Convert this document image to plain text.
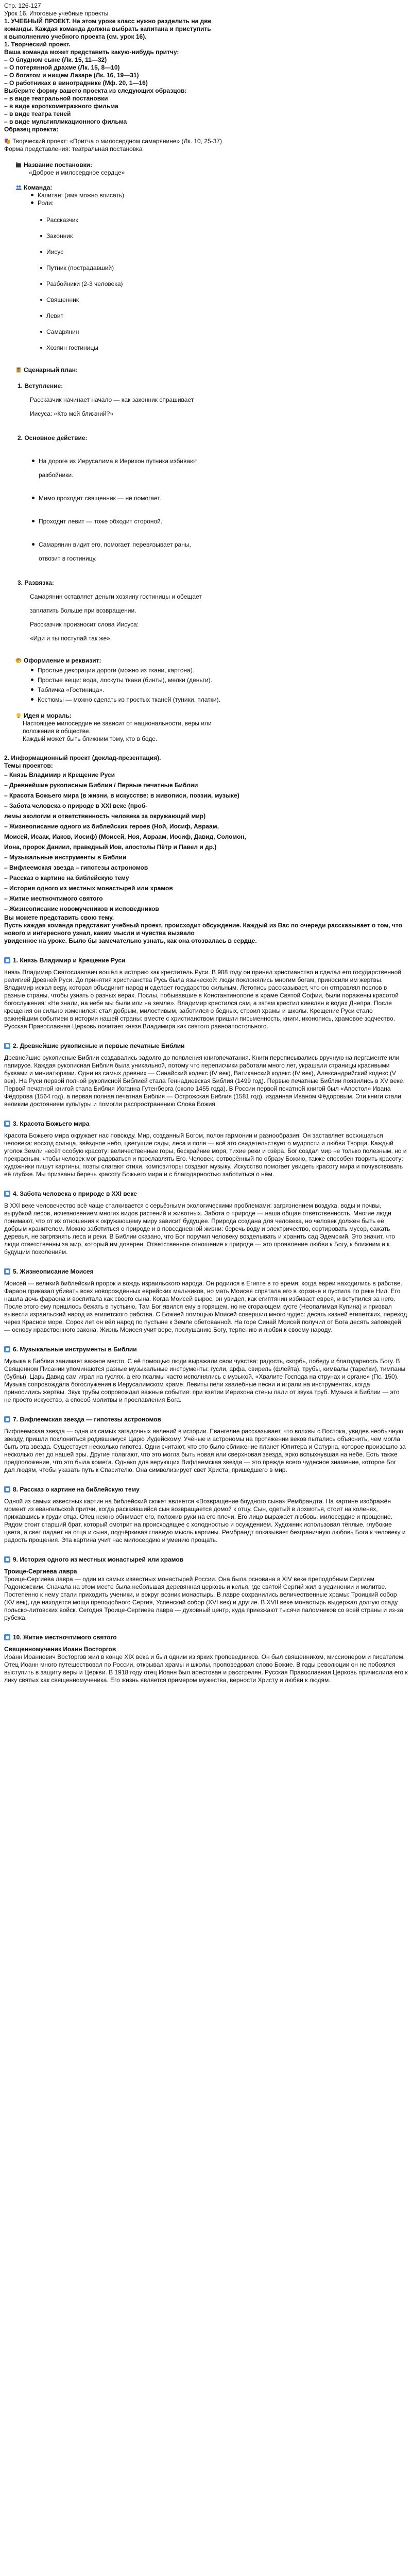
Стр. 126-127

Урок 16. Итоговые учебные проекты

1. УЧЕБНЫЙ ПРОЕКТ. На этом уроке класс нужно разделить на две

команды. Каждая команда должна выбрать капитана и приступить

к выполнению учебного проекта (см. урок 16).

1. Творческий проект.

Ваша команда может представить какую-нибудь притчу:

– О блудном сыне (Лк. 15, 11—32)

– О потерянной драхме (Лк. 15, 8—10)

– О богатом и нищем Лазаре (Лк. 16, 19—31)

– О работниках в винограднике (Мф. 20, 1—16)

Выберите форму вашего проекта из следующих образцов:

– в виде театральной постановки

– в виде короткометражного фильма

– в виде театра теней

– в виде мультипликационного фильма

Образец проекта:

Творческий проект: «Притча о милосердном самарянине» (Лк. 10, 25-37)

Форма представления: театральная постановка

Название постановки:

«Доброе и милосердное сердце»

Команда:

Капитан: (имя можно вписать)

Роли:

Рассказчик

Законник

Иисус

Путник (пострадавший)

Разбойники (2-3 человека)

Священник

Левит

Самарянин

Хозяин гостиницы

Сценарный план:

1. Вступление:

Рассказчик начинает начало — как законник спрашивает

Иисуса: «Кто мой ближний?»

2. Основное действие:

На дороге из Иерусалима в Иерихон путника избивают

разбойники.

Мимо проходит священник — не помогает.

Проходит левит — тоже обходит стороной.

Самарянин видит его, помогает, перевязывает раны,

отвозит в гостиницу.

3. Развязка:

Самарянин оставляет деньги хозяину гостиницы и обещает

заплатить больше при возвращении.

Рассказчик произносит слова Иисуса:

«Иди и ты поступай так же».

Оформление и реквизит:

Простые декорации дороги (можно из ткани, картона).

Простые вещи: вода, лоскуты ткани (бинты), мелки (деньги).

Табличка «Гостиница».

Костюмы — можно сделать из простых тканей (туники, платки).

Идея и мораль:

Настоящее милосердие не зависит от национальности, веры или

положения в обществе.

Каждый может быть ближним тому, кто в беде.

2. Информационный проект (доклад-презентация).

Темы проектов:

– Князь Владимир и Крещение Руси

– Древнейшие рукописные Библии / Первые печатные Библии

– Красота Божьего мира (в жизни, в искусстве: в живописи, поэзии, музыке)

– Забота человека о природе в XXI веке (проб-

лемы экологии и ответственность человека за окружающий мир)

– Жизнеописание одного из библейских героев (Ной, Иосиф, Авраам,

Моисей, Исаак, Иаков, Иосиф) (Моисей, Ноя, Авраам, Иосиф, Давид, Соломон,

Иона, пророк Даниил, праведный Иов, апостолы Пётр и Павел и др.)

– Музыкальные инструменты в Библии

– Вифлеемская звезда – гипотезы астрономов

– Рассказ о картине на библейскую тему

– История одного из местных монастырей или храмов

– Житие местночтимого святого

– Жизнеописание новомучеников и исповедников

Вы можете представить свою тему.

Пусть каждая команда представит учебный проект, происходит обсуждение. Каждый из Вас по очереди рассказывает о том, что

нового и интересного узнал, каким мысли и чувства вызвало

увиденное на уроке. Было бы замечательно узнать, как она отозвалась в сердце.

1. Князь Владимир и Крещение Руси

Князь Владимир Святославович вошёл в историю как креститель Руси. В 988 году он принял христианство и сделал его государственной религией Древней Руси. До принятия христианства Русь была языческой: люди поклонялись многим богам, приносили им жертвы. Владимир искал веру, которая объединит народ и сделает государство сильным. Летопись рассказывает, что он отправлял послов в разные страны, чтобы узнать о разных верах. Послы, побывавшие в Константинополе в храме Святой Софии, были поражены красотой богослужения: «Не знали, на небе мы были или на земле». Владимир крестился сам, а затем крестил киевлян в водах Днепра. После крещения он сильно изменился: стал добрым, милостивым, заботился о бедных, строил храмы и школы. Крещение Руси стало важнейшим событием в истории нашей страны: вместе с христианством пришли письменность, книги, иконопись, храмовое зодчество. Русская Православная Церковь почитает князя Владимира как святого равноапостольного.

2. Древнейшие рукописные и первые печатные Библии

Древнейшие рукописные Библии создавались задолго до появления книгопечатания. Книги переписывались вручную на пергаменте или папирусе. Каждая рукописная Библия была уникальной, потому что переписчики работали много лет, украшали страницы красивыми буквами и миниатюрами. Одни из самых древних — Синайский кодекс (IV век), Ватиканский кодекс (IV век), Александрийский кодекс (V век). На Руси первой полной рукописной Библией стала Геннадиевская Библия (1499 год). Первые печатные Библии появились в XV веке. Первой печатной книгой стала Библия Иоганна Гутенберга (около 1455 года). В России первой печатной книгой был «Апостол» Ивана Фёдорова (1564 год), а первая полная печатная Библия — Острожская Библия (1581 год), изданная Иваном Фёдоровым. Эти книги стали великим достоянием культуры и помогли распространению Слова Божия.

3. Красота Божьего мира

Красота Божьего мира окружает нас повсюду. Мир, созданный Богом, полон гармонии и разнообразия. Он заставляет восхищаться человека: восход солнца, звёздное небо, цветущие сады, леса и поля — всё это свидетельствует о мудрости и любви Творца. Каждый уголок Земли несёт особую красоту: величественные горы, бескрайние моря, тихие реки и озёра. Бог создал мир не только полезным, но и прекрасным, чтобы человек мог радоваться и прославлять Его. Человек, сотворённый по образу Божию, также способен творить красоту: художники пишут картины, поэты слагают стихи, композиторы создают музыку. Искусство помогает увидеть красоту мира и почувствовать её глубже. Мы призваны беречь красоту Божьего мира и с благодарностью заботиться о нём.

4. Забота человека о природе в XXI веке

В XXI веке человечество всё чаще сталкивается с серьёзными экологическими проблемами: загрязнением воздуха, воды и почвы, вырубкой лесов, исчезновением многих видов растений и животных. Забота о природе — наша общая ответственность. Многие люди понимают, что от их отношения к окружающему миру зависит будущее. Природа создана для человека, но человек должен быть её добрым хранителем. Можно заботиться о природе и в повседневной жизни: беречь воду и электричество, сортировать мусор, сажать деревья, не загрязнять леса и реки. В Библии сказано, что Бог поручил человеку возделывать и хранить сад Эдемский. Это значит, что люди ответственны за мир, который им доверен. Ответственное отношение к природе — это проявление любви к Богу, к ближним и к будущим поколениям.

5. Жизнеописание Моисея

Моисей — великий библейский пророк и вождь израильского народа. Он родился в Египте в то время, когда евреи находились в рабстве. Фараон приказал убивать всех новорождённых еврейских мальчиков, но мать Моисея спрятала его в корзине и пустила по реке Нил. Его нашла дочь фараона и воспитала как своего сына. Когда Моисей вырос, он увидел, как египтянин избивает еврея, и вступился за него. После этого ему пришлось бежать в пустыню. Там Бог явился ему в горящем, но не сгорающем кусте (Неопалимая Купина) и призвал вывести израильский народ из египетского рабства. С Божией помощью Моисей совершил много чудес: десять казней египетских, переход через Красное море. Сорок лет он вёл народ по пустыне к Земле обетованной. На горе Синай Моисей получил от Бога десять заповедей — основу нравственного закона. Жизнь Моисея учит вере, послушанию Богу, терпению и любви к своему народу.

6. Музыкальные инструменты в Библии

Музыка в Библии занимает важное место. С её помощью люди выражали свои чувства: радость, скорбь, победу и благодарность Богу. В Священном Писании упоминаются разные музыкальные инструменты: гусли, арфа, свирель (флейта), трубы, кимвалы (тарелки), тимпаны (бубны). Царь Давид сам играл на гуслях, а его псалмы часто исполнялись с музыкой. «Хвалите Господа на струнах и органе» (Пс. 150). Музыка сопровождала богослужения в Иерусалимском храме. Левиты пели хвалебные песни и играли на инструментах, когда приносились жертвы. Звук трубы сопровождал важные события: при взятии Иерихона стены пали от звука труб. Музыка в Библии — это не просто искусство, а способ молитвы и прославления Бога.

7. Вифлеемская звезда — гипотезы астрономов

Вифлеемская звезда — одна из самых загадочных явлений в истории. Евангелие рассказывает, что волхвы с Востока, увидев необычную звезду, пришли поклониться родившемуся Царю Иудейскому. Учёные и астрономы на протяжении веков пытались объяснить, чем могла быть эта звезда. Существует несколько гипотез. Одни считают, что это было сближение планет Юпитера и Сатурна, которое произошло за несколько лет до нашей эры. Другие полагают, что это могла быть новая или сверхновая звезда, ярко вспыхнувшая на небе. Есть также предположение, что это была комета. Однако для верующих Вифлеемская звезда — это прежде всего чудесное знамение, которое Бог дал людям, чтобы указать путь к Спасителю. Она символизирует свет Христа, пришедшего в мир.

8. Рассказ о картине на библейскую тему

Одной из самых известных картин на библейский сюжет является «Возвращение блудного сына» Рембрандта. На картине изображён момент из евангельской притчи, когда раскаявшийся сын возвращается домой к отцу. Сын, одетый в лохмотья, стоит на коленях, прижавшись к груди отца. Отец нежно обнимает его, положив руки на его плечи. Его лицо выражает любовь, милосердие и прощение. Рядом стоит старший брат, который смотрит на происходящее с холодностью и осуждением. Художник использовал тёплые, глубокие цвета, а свет падает на отца и сына, подчёркивая главную мысль картины. Рембрандт показывает безграничную любовь Бога к человеку и радость прощения. Эта картина учит нас милосердию и умению прощать.

9. История одного из местных монастырей или храмов

Троице-Сергиева лавра

Троице-Сергиева лавра — один из самых известных монастырей России. Она была основана в XIV веке преподобным Сергием Радонежским. Сначала на этом месте была небольшая деревянная церковь и келья, где святой Сергий жил в уединении и молитве. Постепенно к нему стали приходить ученики, и вокруг возник монастырь. В лавре сохранились величественные храмы: Троицкий собор (XV век), где находятся мощи преподобного Сергия, Успенский собор (XVI век) и другие. В XVII веке монастырь выдержал долгую осаду польско-литовских войск. Сегодня Троице-Сергиева лавра — духовный центр, куда приезжают тысячи паломников со всей страны и из-за рубежа.

10. Житие местночтимого святого

Священномученик Иоанн Восторгов

Иоанн Иоаннович Восторгов жил в конце XIX века и был одним из ярких проповедников. Он был священником, миссионером и писателем. Отец Иоанн много путешествовал по России, открывал храмы и школы, проповедовал слово Божие. В годы революции он не побоялся выступить в защиту веры и Церкви. В 1918 году отец Иоанн был арестован и расстрелян. Русская Православная Церковь причислила его к лику святых как священномученика. Его жизнь является примером мужества, верности Христу и любви к людям.
